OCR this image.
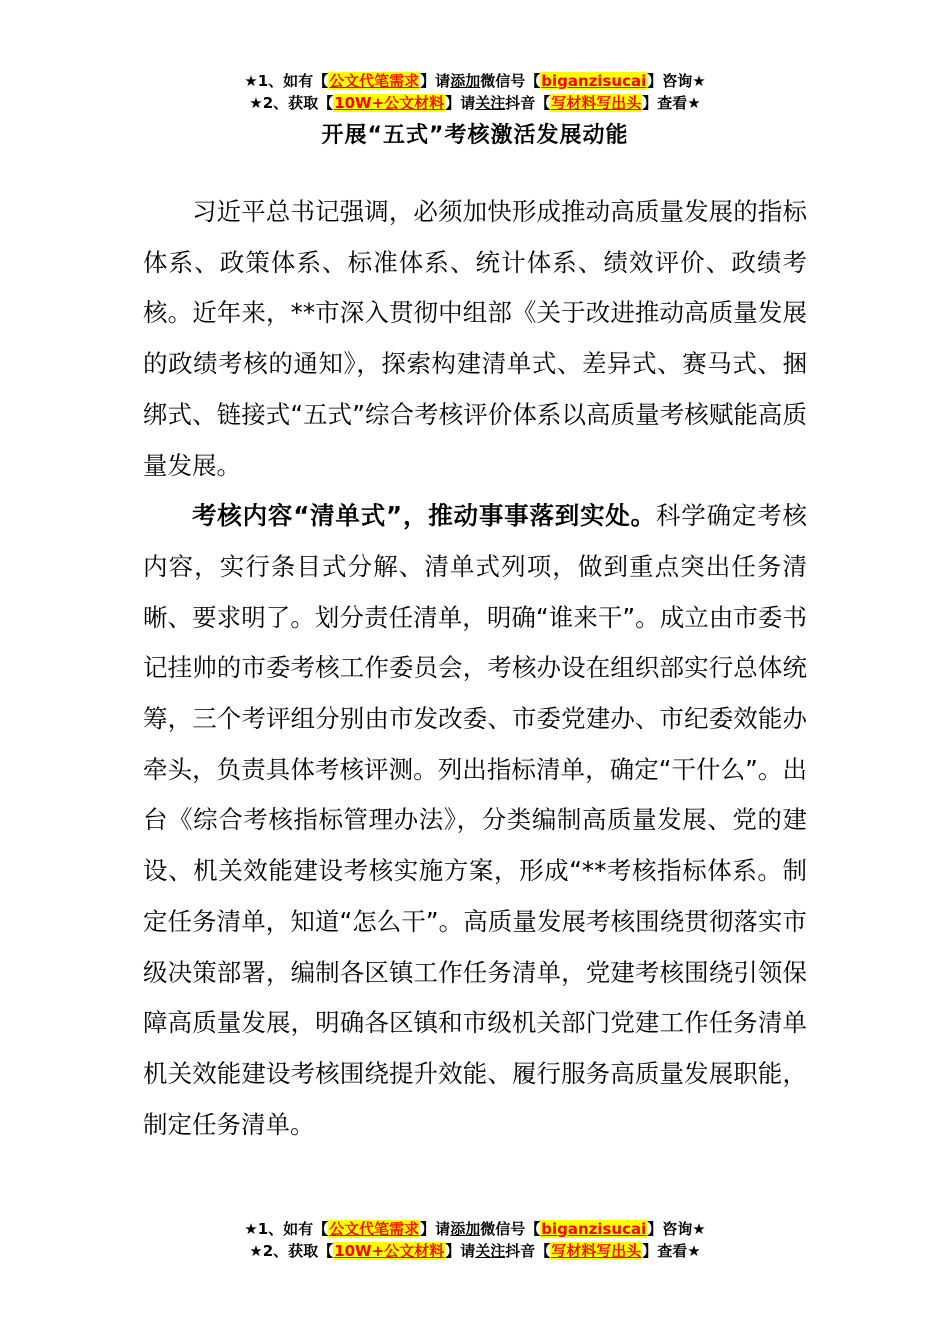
★1、如有【公文代笔需求】请添加微信号【biganzisucai】咨询★
★2、获取【10W+公文材料】请关注抖音【写材料写出头】查看★
开展“五式”考核激活发展动能

习近平总书记强调，必须加快形成推动高质量发展的指标体系、政策体系、标准体系、统计体系、绩效评价、政绩考核。近年来，**市深入贯彻中组部《关于改进推动高质量发展的政绩考核的通知》，探索构建清单式、差异式、赛马式、捆绑式、链接式“五式”综合考核评价体系以高质量考核赋能高质量发展。

考核内容“清单式”，推动事事落到实处。科学确定考核内容，实行条目式分解、清单式列项，做到重点突出任务清晰、要求明了。划分责任清单，明确“谁来干”。成立由市委书记挂帅的市委考核工作委员会，考核办设在组织部实行总体统筹，三个考评组分别由市发改委、市委党建办、市纪委效能办牵头，负责具体考核评测。列出指标清单，确定“干什么”。出台《综合考核指标管理办法》，分类编制高质量发展、党的建设、机关效能建设考核实施方案，形成“**考核指标体系。制定任务清单，知道“怎么干”。高质量发展考核围绕贯彻落实市级决策部署，编制各区镇工作任务清单，党建考核围绕引领保障高质量发展，明确各区镇和市级机关部门党建工作任务清单机关效能建设考核围绕提升效能、履行服务高质量发展职能，制定任务清单。

★1、如有【公文代笔需求】请添加微信号【biganzisucai】咨询★
★2、获取【10W+公文材料】请关注抖音【写材料写出头】查看★
